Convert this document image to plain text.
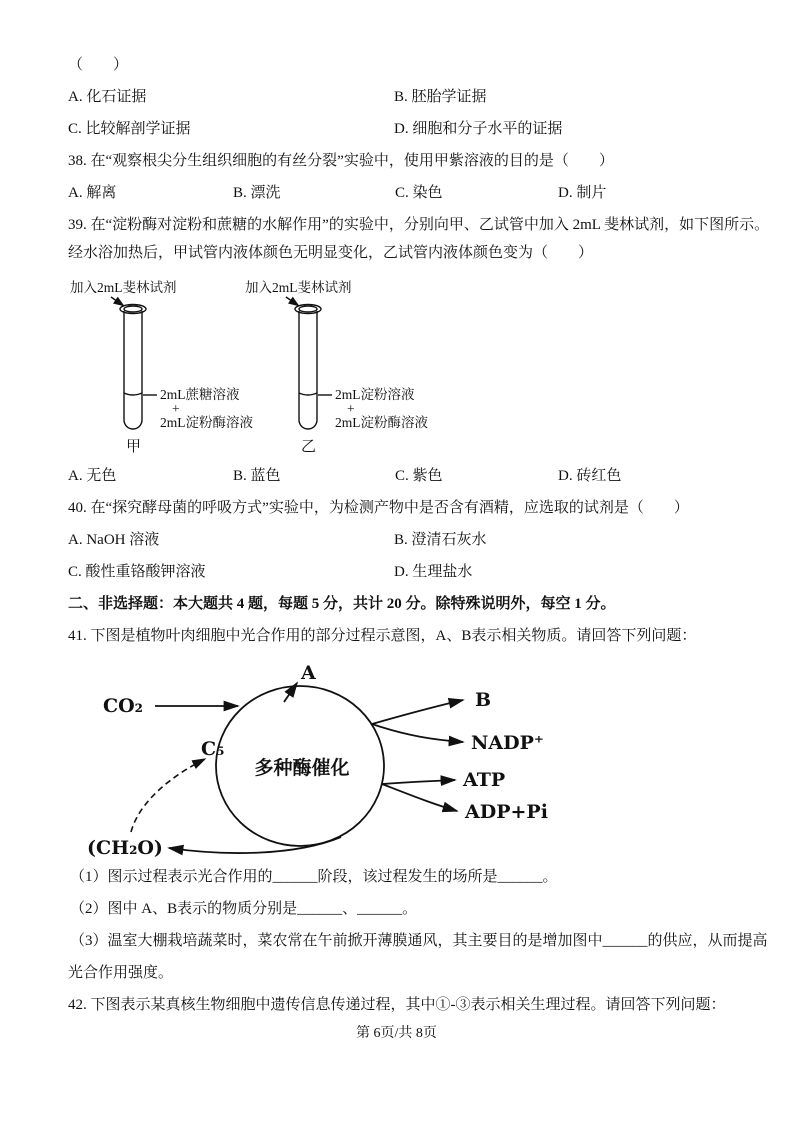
（　　）
A. 化石证据	B. 胚胎学证据
C. 比较解剖学证据	D. 细胞和分子水平的证据
38. 在“观察根尖分生组织细胞的有丝分裂”实验中，使用甲紫溶液的目的是（　　）
A. 解离	B. 漂洗	C. 染色	D. 制片
39. 在“淀粉酶对淀粉和蔗糖的水解作用”的实验中，分别向甲、乙试管中加入 2mL 斐林试剂，如下图所示。
经水浴加热后，甲试管内液体颜色无明显变化，乙试管内液体颜色变为（　　）
加入2mL斐林试剂
2mL蔗糖溶液
+
2mL淀粉酶溶液
甲
加入2mL斐林试剂
2mL淀粉溶液
+
2mL淀粉酶溶液
乙
A. 无色	B. 蓝色	C. 紫色	D. 砖红色
40. 在“探究酵母菌的呼吸方式”实验中，为检测产物中是否含有酒精，应选取的试剂是（　　）
A. NaOH 溶液	B. 澄清石灰水
C. 酸性重铬酸钾溶液	D. 生理盐水
二、非选择题：本大题共 4 题，每题 5 分，共计 20 分。除特殊说明外，每空 1 分。
41. 下图是植物叶肉细胞中光合作用的部分过程示意图，A、B表示相关物质。请回答下列问题：
多种酶催化
CO₂
A
C₅
B
NADP⁺
ATP
ADP+Pi
(CH₂O)
（1）图示过程表示光合作用的______阶段，该过程发生的场所是______。
（2）图中 A、B表示的物质分别是______、______。
（3）温室大棚栽培蔬菜时，菜农常在午前掀开薄膜通风，其主要目的是增加图中______的供应，从而提高
光合作用强度。
42. 下图表示某真核生物细胞中遗传信息传递过程，其中①-③表示相关生理过程。请回答下列问题：
第 6页/共 8页
